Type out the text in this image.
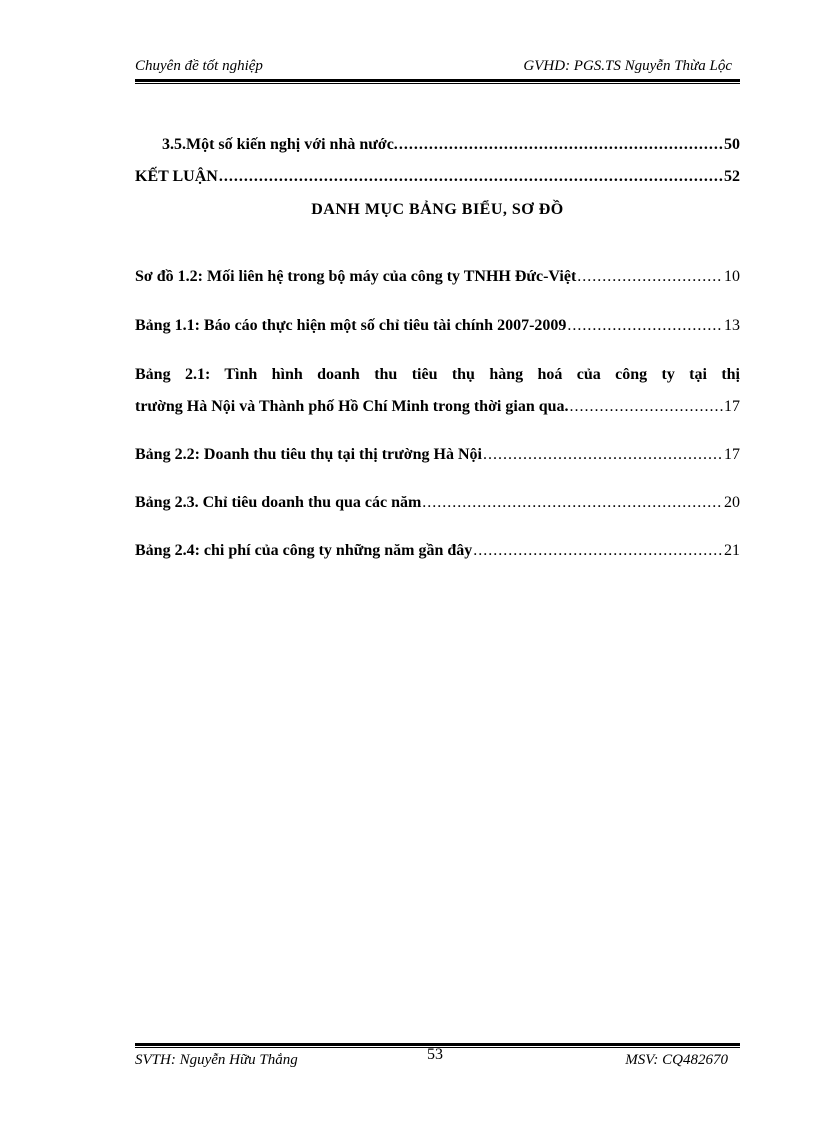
Chuyên đề tốt nghiệp	GVHD: PGS.TS Nguyễn Thừa Lộc
3.5.Một số kiến nghị với nhà nước. .....	50
KẾT LUẬN .....	52
DANH MỤC BẢNG BIỂU, SƠ ĐỒ
Sơ đồ 1.2: Mối liên hệ trong bộ máy của công ty TNHH Đức-Việt .....	10
Bảng 1.1: Báo cáo thực hiện một số chỉ tiêu tài chính 2007-2009 .....	13
Bảng 2.1: Tình hình doanh thu tiêu thụ hàng hoá của công ty tại thị
trường Hà Nội và Thành phố Hồ Chí Minh trong thời gian qua. .....	17
Bảng 2.2: Doanh thu tiêu thụ tại thị trường Hà Nội .....	17
Bảng 2.3. Chỉ tiêu doanh thu qua các năm .....	20
Bảng 2.4: chi phí của công ty những năm gần đây .....	21
SVTH: Nguyễn Hữu Thắng	53	MSV: CQ482670
